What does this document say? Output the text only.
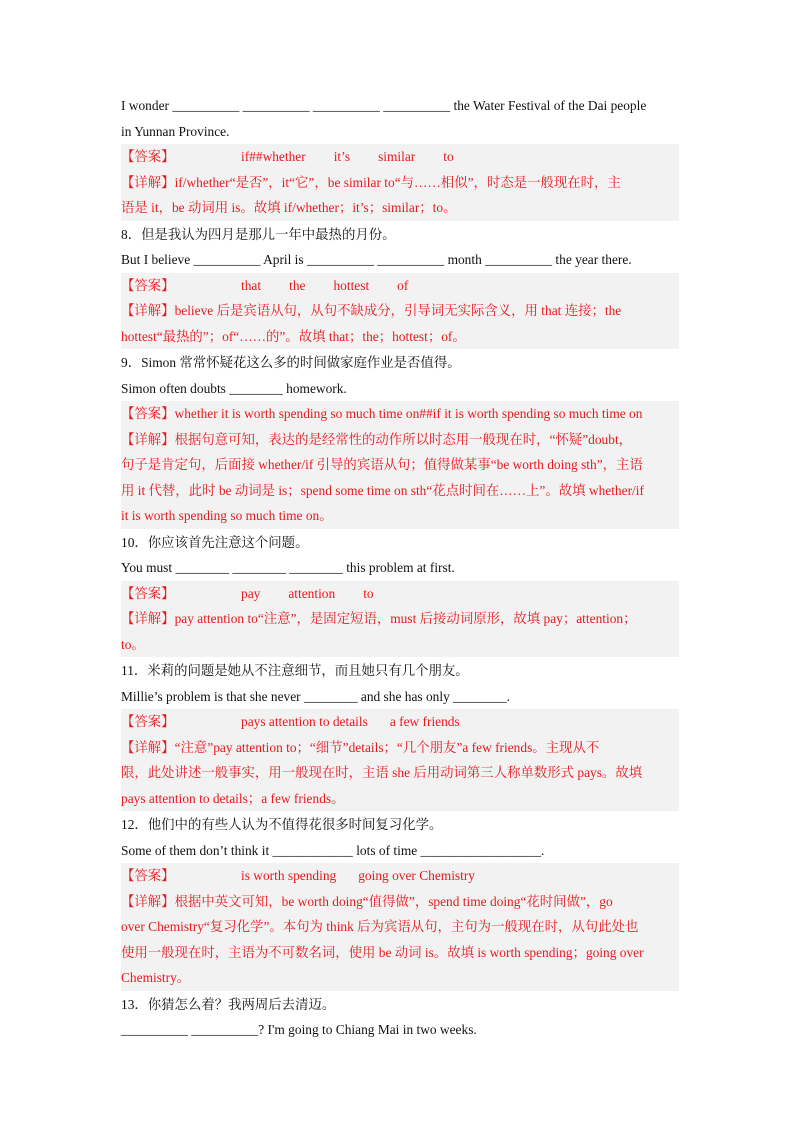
I wonder __________ __________ __________ __________ the Water Festival of the Dai people
in Yunnan Province.
【答案】	if##whether it’s similar to
【详解】if/whether“是否”，it“它”，be similar to“与……相似”，时态是一般现在时，主
语是 it，be 动词用 is。故填 if/whether；it’s；similar；to。
8．但是我认为四月是那儿一年中最热的月份。
But I believe __________ April is __________ __________ month __________ the year there.
【答案】	that the hottest of
【详解】believe 后是宾语从句，从句不缺成分，引导词无实际含义，用 that 连接；the
hottest“最热的”；of“……的”。故填 that；the；hottest；of。
9．Simon 常常怀疑花这么多的时间做家庭作业是否值得。
Simon often doubts ________ homework.
【答案】whether it is worth spending so much time on##if it is worth spending so much time on
【详解】根据句意可知，表达的是经常性的动作所以时态用一般现在时，“怀疑”doubt，
句子是肯定句，后面接 whether/if 引导的宾语从句；值得做某事“be worth doing sth”，主语
用 it 代替，此时 be 动词是 is；spend some time on sth“花点时间在……上”。故填 whether/if
it is worth spending so much time on。
10．你应该首先注意这个问题。
You must ________ ________ ________ this problem at first.
【答案】	pay attention to
【详解】pay attention to“注意”，是固定短语，must 后接动词原形，故填 pay；attention；
to。
11．米莉的问题是她从不注意细节，而且她只有几个朋友。
Millie’s problem is that she never ________ and she has only ________.
【答案】	pays attention to details a few friends
【详解】“注意”pay attention to；“细节”details；“几个朋友”a few friends。主现从不
限，此处讲述一般事实，用一般现在时，主语 she 后用动词第三人称单数形式 pays。故填
pays attention to details；a few friends。
12．他们中的有些人认为不值得花很多时间复习化学。
Some of them don’t think it ____________ lots of time __________________.
【答案】	is worth spending going over Chemistry
【详解】根据中英文可知，be worth doing“值得做”，spend time doing“花时间做”，go
over Chemistry“复习化学”。本句为 think 后为宾语从句，主句为一般现在时，从句此处也
使用一般现在时，主语为不可数名词，使用 be 动词 is。故填 is worth spending；going over
Chemistry。
13．你猜怎么着？我两周后去清迈。
__________ __________? I'm going to Chiang Mai in two weeks.
